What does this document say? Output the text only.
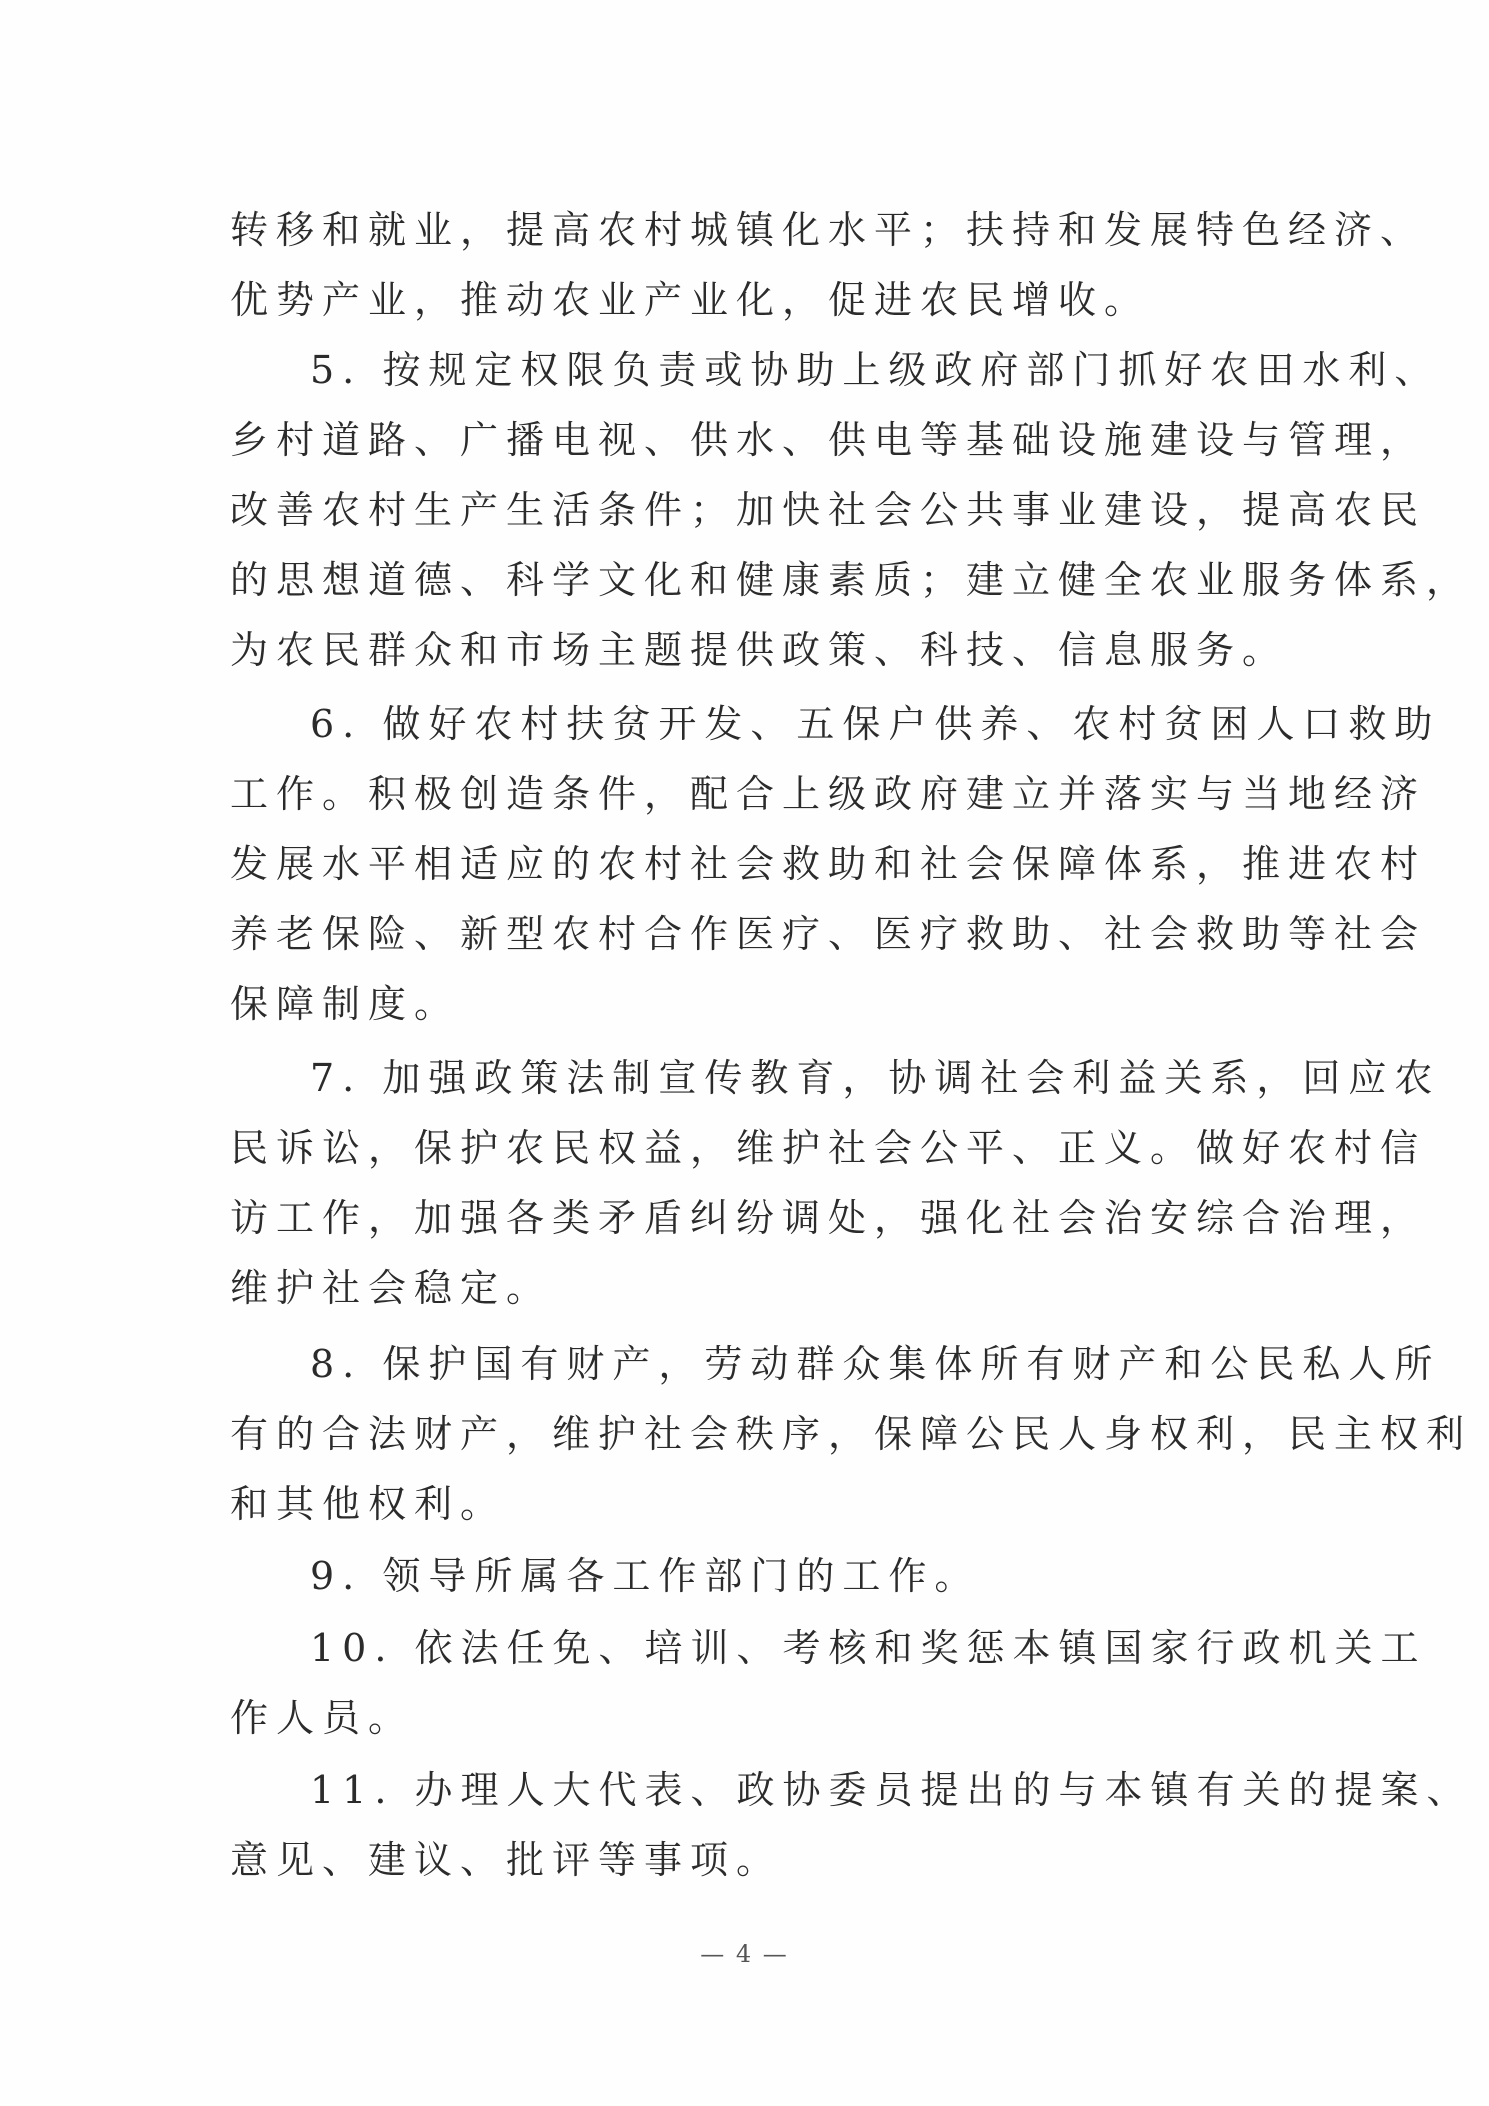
转移和就业，提高农村城镇化水平；扶持和发展特色经济、
优势产业，推动农业产业化，促进农民增收。
5. 按规定权限负责或协助上级政府部门抓好农田水利、
乡村道路、广播电视、供水、供电等基础设施建设与管理，
改善农村生产生活条件；加快社会公共事业建设，提高农民
的思想道德、科学文化和健康素质；建立健全农业服务体系，
为农民群众和市场主题提供政策、科技、信息服务。
6. 做好农村扶贫开发、五保户供养、农村贫困人口救助
工作。积极创造条件，配合上级政府建立并落实与当地经济
发展水平相适应的农村社会救助和社会保障体系，推进农村
养老保险、新型农村合作医疗、医疗救助、社会救助等社会
保障制度。
7. 加强政策法制宣传教育，协调社会利益关系，回应农
民诉讼，保护农民权益，维护社会公平、正义。做好农村信
访工作，加强各类矛盾纠纷调处，强化社会治安综合治理，
维护社会稳定。
8. 保护国有财产，劳动群众集体所有财产和公民私人所
有的合法财产，维护社会秩序，保障公民人身权利，民主权利
和其他权利。
9. 领导所属各工作部门的工作。
10. 依法任免、培训、考核和奖惩本镇国家行政机关工
作人员。
11. 办理人大代表、政协委员提出的与本镇有关的提案、
意见、建议、批评等事项。
— 4 —
